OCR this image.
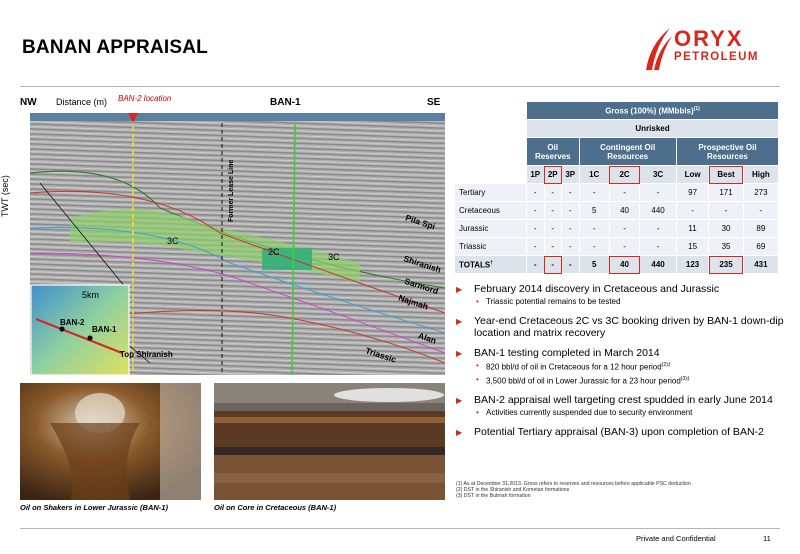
BANAN APPRAISAL	ORYX
PETROLEUM
NW Distance (m) BAN-2 location	BAN-1	SE
TWT (sec)
3C
2C	3C
Former Lease Line	Pila Spi
Shiranish
Sarmord
Najmah
Alan
Triassic
Top Shiranish
5km
BAN-2
BAN-1
	Gross (100%) (MMbbls)$^{(1)}$
	Unrisked								
	Oil Reserves			Contingent Oil Resources			Prospective Oil Resources		
	1P	2P	3P	1C	2C	3C	Low	Best	High
Tertiary	-	-	-	-	-	-	97	171	273
Cretaceous	-	-	-	5	40	440	-	-	-
Jurassic	-	-	-	-	-	-	11	30	89
Triassic	-	-	-	-	-	-	15	35	69
TOTALS†	-	-	-	5	40	440	123	235	431
▶ February 2014 discovery in Cretaceous and Jurassic
• Triassic potential remains to be tested
▶ Year-end Cretaceous 2C vs 3C booking driven by BAN-1 down-dip location and matrix recovery
▶ BAN-1 testing completed in March 2014
• 820 bbl/d of oil in Cretaceous for a 12 hour period$^{(2)\ddagger}$
• 3,500 bbl/d of oil in Lower Jurassic for a 23 hour period$^{(3)\ddagger}$
▶ BAN-2 appraisal well targeting crest spudded in early June 2014
• Activities currently suspended due to security environment
▶ Potential Tertiary appraisal (BAN-3) upon completion of BAN-2
(1) As at December 31,2013. Gross refers to reserves and resources before applicable PSC deduction
(2) DST in the Shiranish and Kometan formations
(3) DST in the Butmah formation
Oil on Shakers in Lower Jurassic (BAN-1)	Oil on Core in Cretaceous (BAN-1)
Private and Confidential	11
